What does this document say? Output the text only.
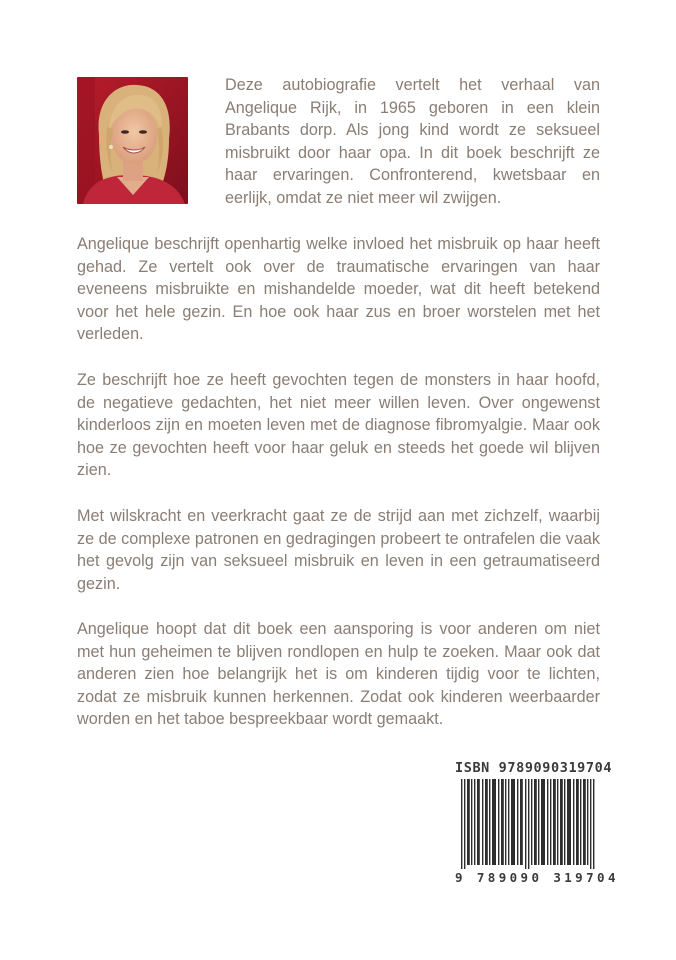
Deze autobiografie vertelt het verhaal van Angelique Rijk, in 1965 geboren in een klein Brabants dorp. Als jong kind wordt ze seksueel misbruikt door haar opa. In dit boek beschrijft ze haar ervaringen. Confronterend, kwetsbaar en eerlijk, omdat ze niet meer wil zwijgen.

Angelique beschrijft openhartig welke invloed het misbruik op haar heeft gehad. Ze vertelt ook over de traumatische ervaringen van haar eveneens misbruikte en mishandelde moeder, wat dit heeft betekend voor het hele gezin. En hoe ook haar zus en broer worstelen met het verleden.

Ze beschrijft hoe ze heeft gevochten tegen de monsters in haar hoofd, de negatieve gedachten, het niet meer willen leven. Over ongewenst kinderloos zijn en moeten leven met de diagnose fibromyalgie. Maar ook hoe ze gevochten heeft voor haar geluk en steeds het goede wil blijven zien.

Met wilskracht en veerkracht gaat ze de strijd aan met zichzelf, waarbij ze de complexe patronen en gedragingen probeert te ontrafelen die vaak het gevolg zijn van seksueel misbruik en leven in een getraumatiseerd gezin.

Angelique hoopt dat dit boek een aansporing is voor anderen om niet met hun geheimen te blijven rondlopen en hulp te zoeken. Maar ook dat anderen zien hoe belangrijk het is om kinderen tijdig voor te lichten, zodat ze misbruik kunnen herkennen. Zodat ook kinderen weerbaarder worden en het taboe bespreekbaar wordt gemaakt.

ISBN 9789090319704
9 789090 319704
